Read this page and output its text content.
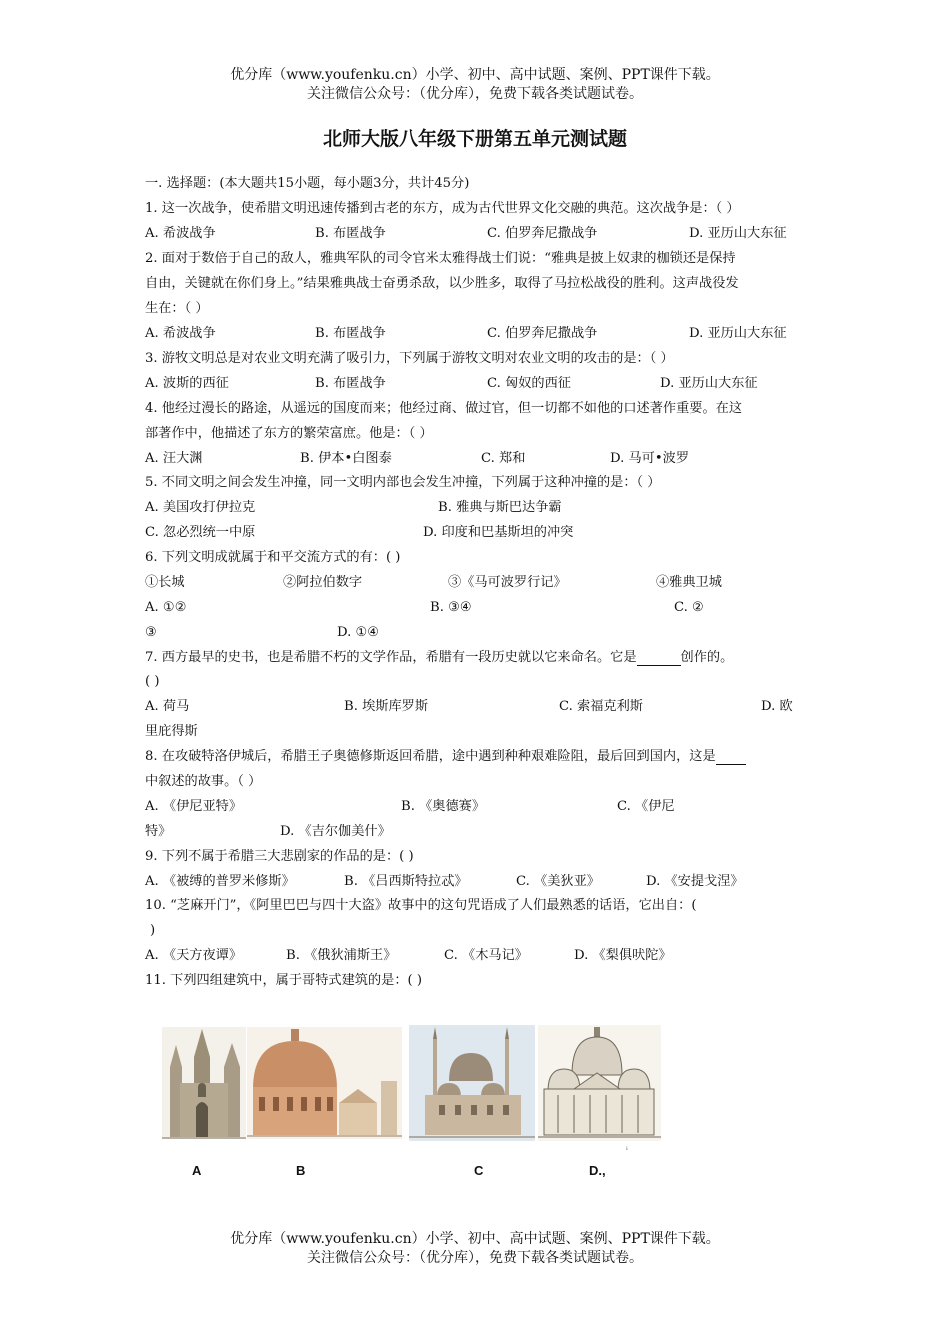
优分库（www.youfenku.cn）小学、初中、高中试题、案例、PPT课件下载。
关注微信公众号：（优分库），免费下载各类试题试卷。
北师大版八年级下册第五单元测试题
一. 选择题：(本大题共15小题，每小题3分，共计45分)
1. 这一次战争，使希腊文明迅速传播到古老的东方，成为古代世界文化交融的典范。这次战争是：（ ）
A. 希波战争	B. 布匿战争	C. 伯罗奔尼撒战争	D. 亚历山大东征
2. 面对于数倍于自己的敌人，雅典军队的司令官米太雅得战士们说：“雅典是披上奴隶的枷锁还是保持
自由，关键就在你们身上。”结果雅典战士奋勇杀敌，以少胜多，取得了马拉松战役的胜利。这声战役发
生在：（ ）
A. 希波战争	B. 布匿战争	C. 伯罗奔尼撒战争	D. 亚历山大东征
3. 游牧文明总是对农业文明充满了吸引力，下列属于游牧文明对农业文明的攻击的是：（ ）
A. 波斯的西征	B. 布匿战争	C. 匈奴的西征	D. 亚历山大东征
4. 他经过漫长的路途，从遥远的国度而来；他经过商、做过官，但一切都不如他的口述著作重要。在这
部著作中，他描述了东方的繁荣富庶。他是：（ ）
A. 汪大渊	B. 伊本•白图泰	C. 郑和	D. 马可•波罗
5. 不同文明之间会发生冲撞，同一文明内部也会发生冲撞，下列属于这种冲撞的是：（ ）
A. 美国攻打伊拉克	B. 雅典与斯巴达争霸
C. 忽必烈统一中原	D. 印度和巴基斯坦的冲突
6. 下列文明成就属于和平交流方式的有：( )
①长城	②阿拉伯数字	③《马可波罗行记》	④雅典卫城
A. ①②	B. ③④	C. ②
③	D. ①④
7. 西方最早的史书，也是希腊不朽的文学作品，希腊有一段历史就以它来命名。它是	创作的。
( )
A. 荷马	B. 埃斯库罗斯	C. 索福克利斯	D. 欧
里庇得斯
8. 在攻破特洛伊城后，希腊王子奥德修斯返回希腊，途中遇到种种艰难险阻，最后回到国内，这是
中叙述的故事。（ ）
A. 《伊尼亚特》	B. 《奥德赛》	C. 《伊尼
特》	D. 《吉尔伽美什》
9. 下列不属于希腊三大悲剧家的作品的是：( )
A. 《被缚的普罗米修斯》	B. 《吕西斯特拉忒》	C. 《美狄亚》	D. 《安提戈涅》
10. “芝麻开门”，《阿里巴巴与四十大盗》故事中的这句咒语成了人们最熟悉的话语，它出自：(
)
A. 《天方夜谭》	B. 《俄狄浦斯王》	C. 《木马记》	D. 《梨俱吠陀》
11. 下列四组建筑中，属于哥特式建筑的是：( )
ᵢ
A	B	C	D.,
优分库（www.youfenku.cn）小学、初中、高中试题、案例、PPT课件下载。
关注微信公众号：（优分库），免费下载各类试题试卷。
